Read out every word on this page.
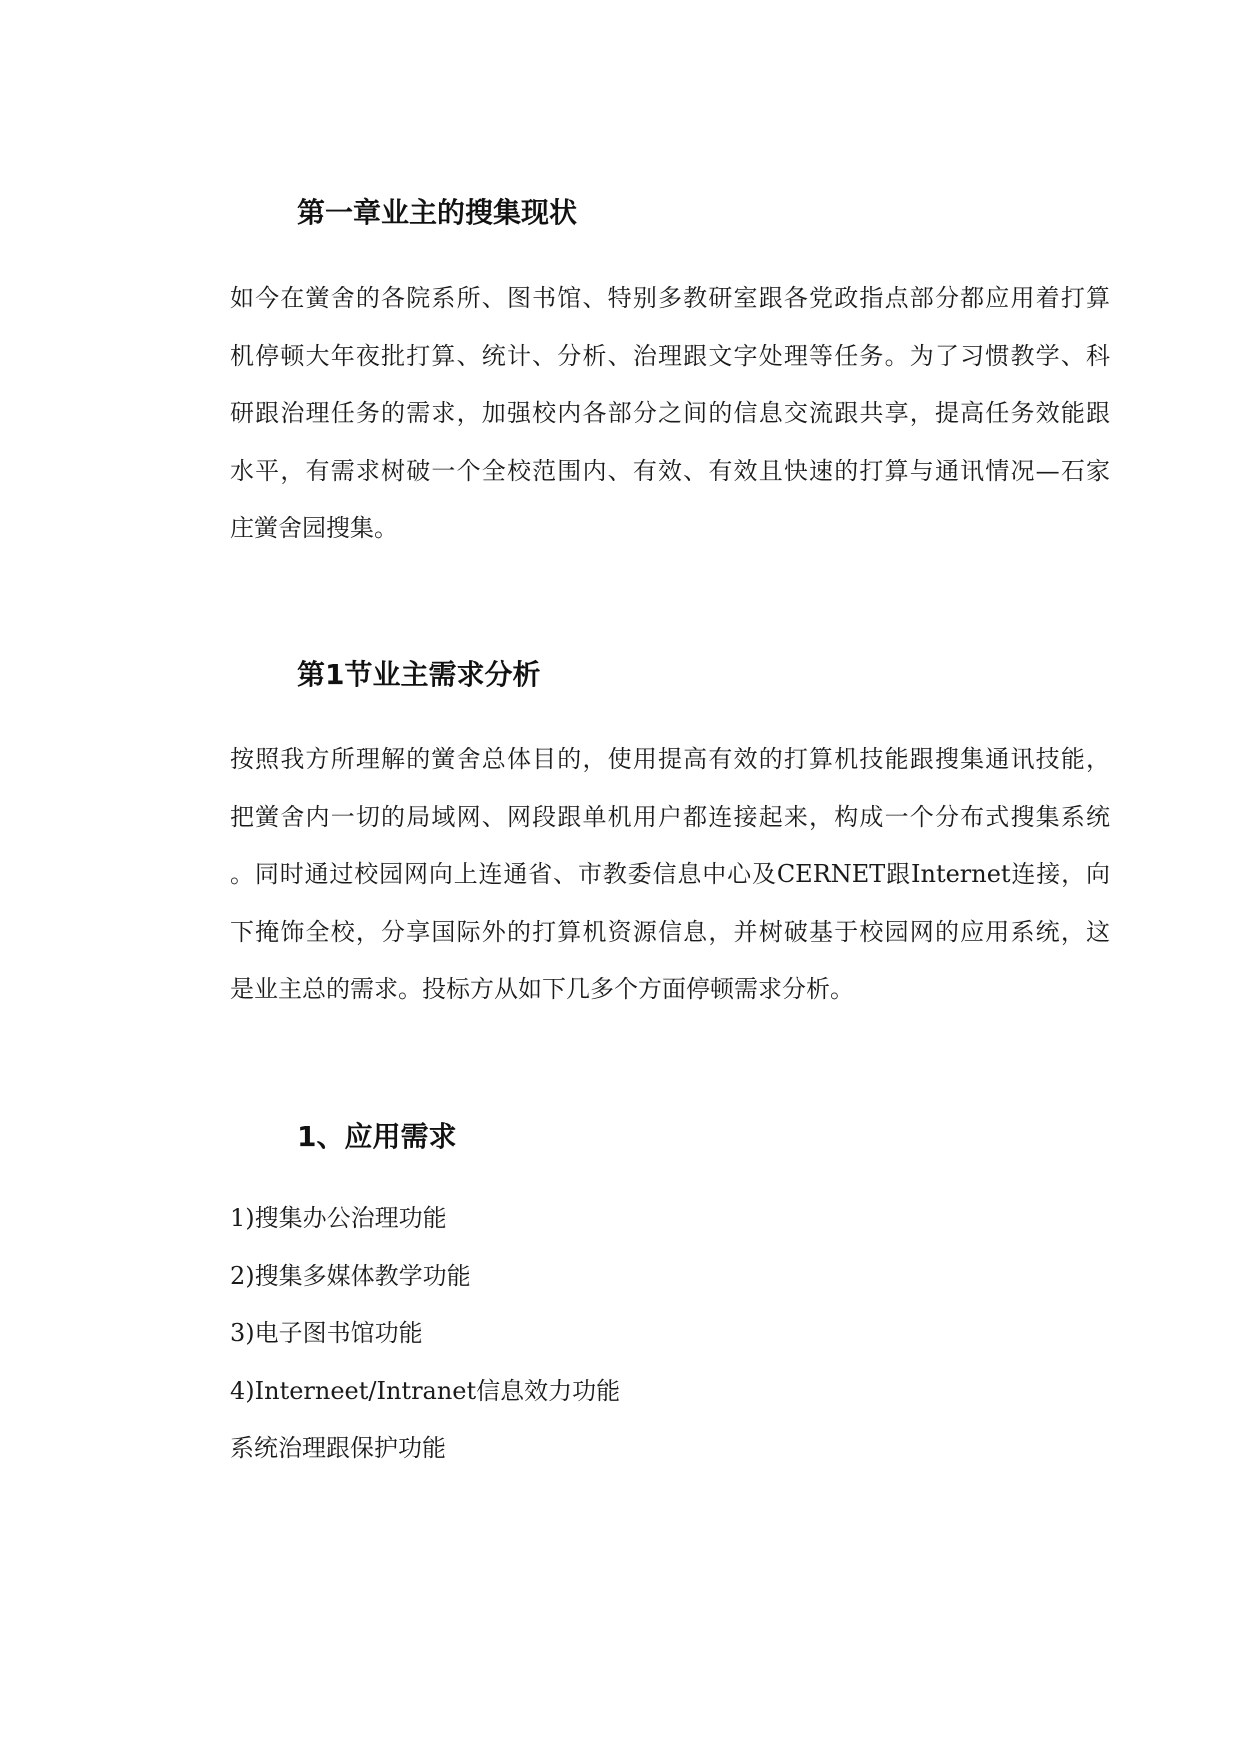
第一章业主的搜集现状
如今在黉舍的各院系所、图书馆、特别多教研室跟各党政指点部分都应用着打算
机停顿大年夜批打算、统计、分析、治理跟文字处理等任务。为了习惯教学、科
研跟治理任务的需求，加强校内各部分之间的信息交流跟共享，提高任务效能跟
水平，有需求树破一个全校范围内、有效、有效且快速的打算与通讯情况—石家
庄黉舍园搜集。
第1节业主需求分析
按照我方所理解的黉舍总体目的，使用提高有效的打算机技能跟搜集通讯技能，
把黉舍内一切的局域网、网段跟单机用户都连接起来，构成一个分布式搜集系统
。同时通过校园网向上连通省、市教委信息中心及CERNET跟Internet连接，向
下掩饰全校，分享国际外的打算机资源信息，并树破基于校园网的应用系统，这
是业主总的需求。投标方从如下几多个方面停顿需求分析。
1、应用需求
1)搜集办公治理功能
2)搜集多媒体教学功能
3)电子图书馆功能
4)Interneet/Intranet信息效力功能
系统治理跟保护功能
